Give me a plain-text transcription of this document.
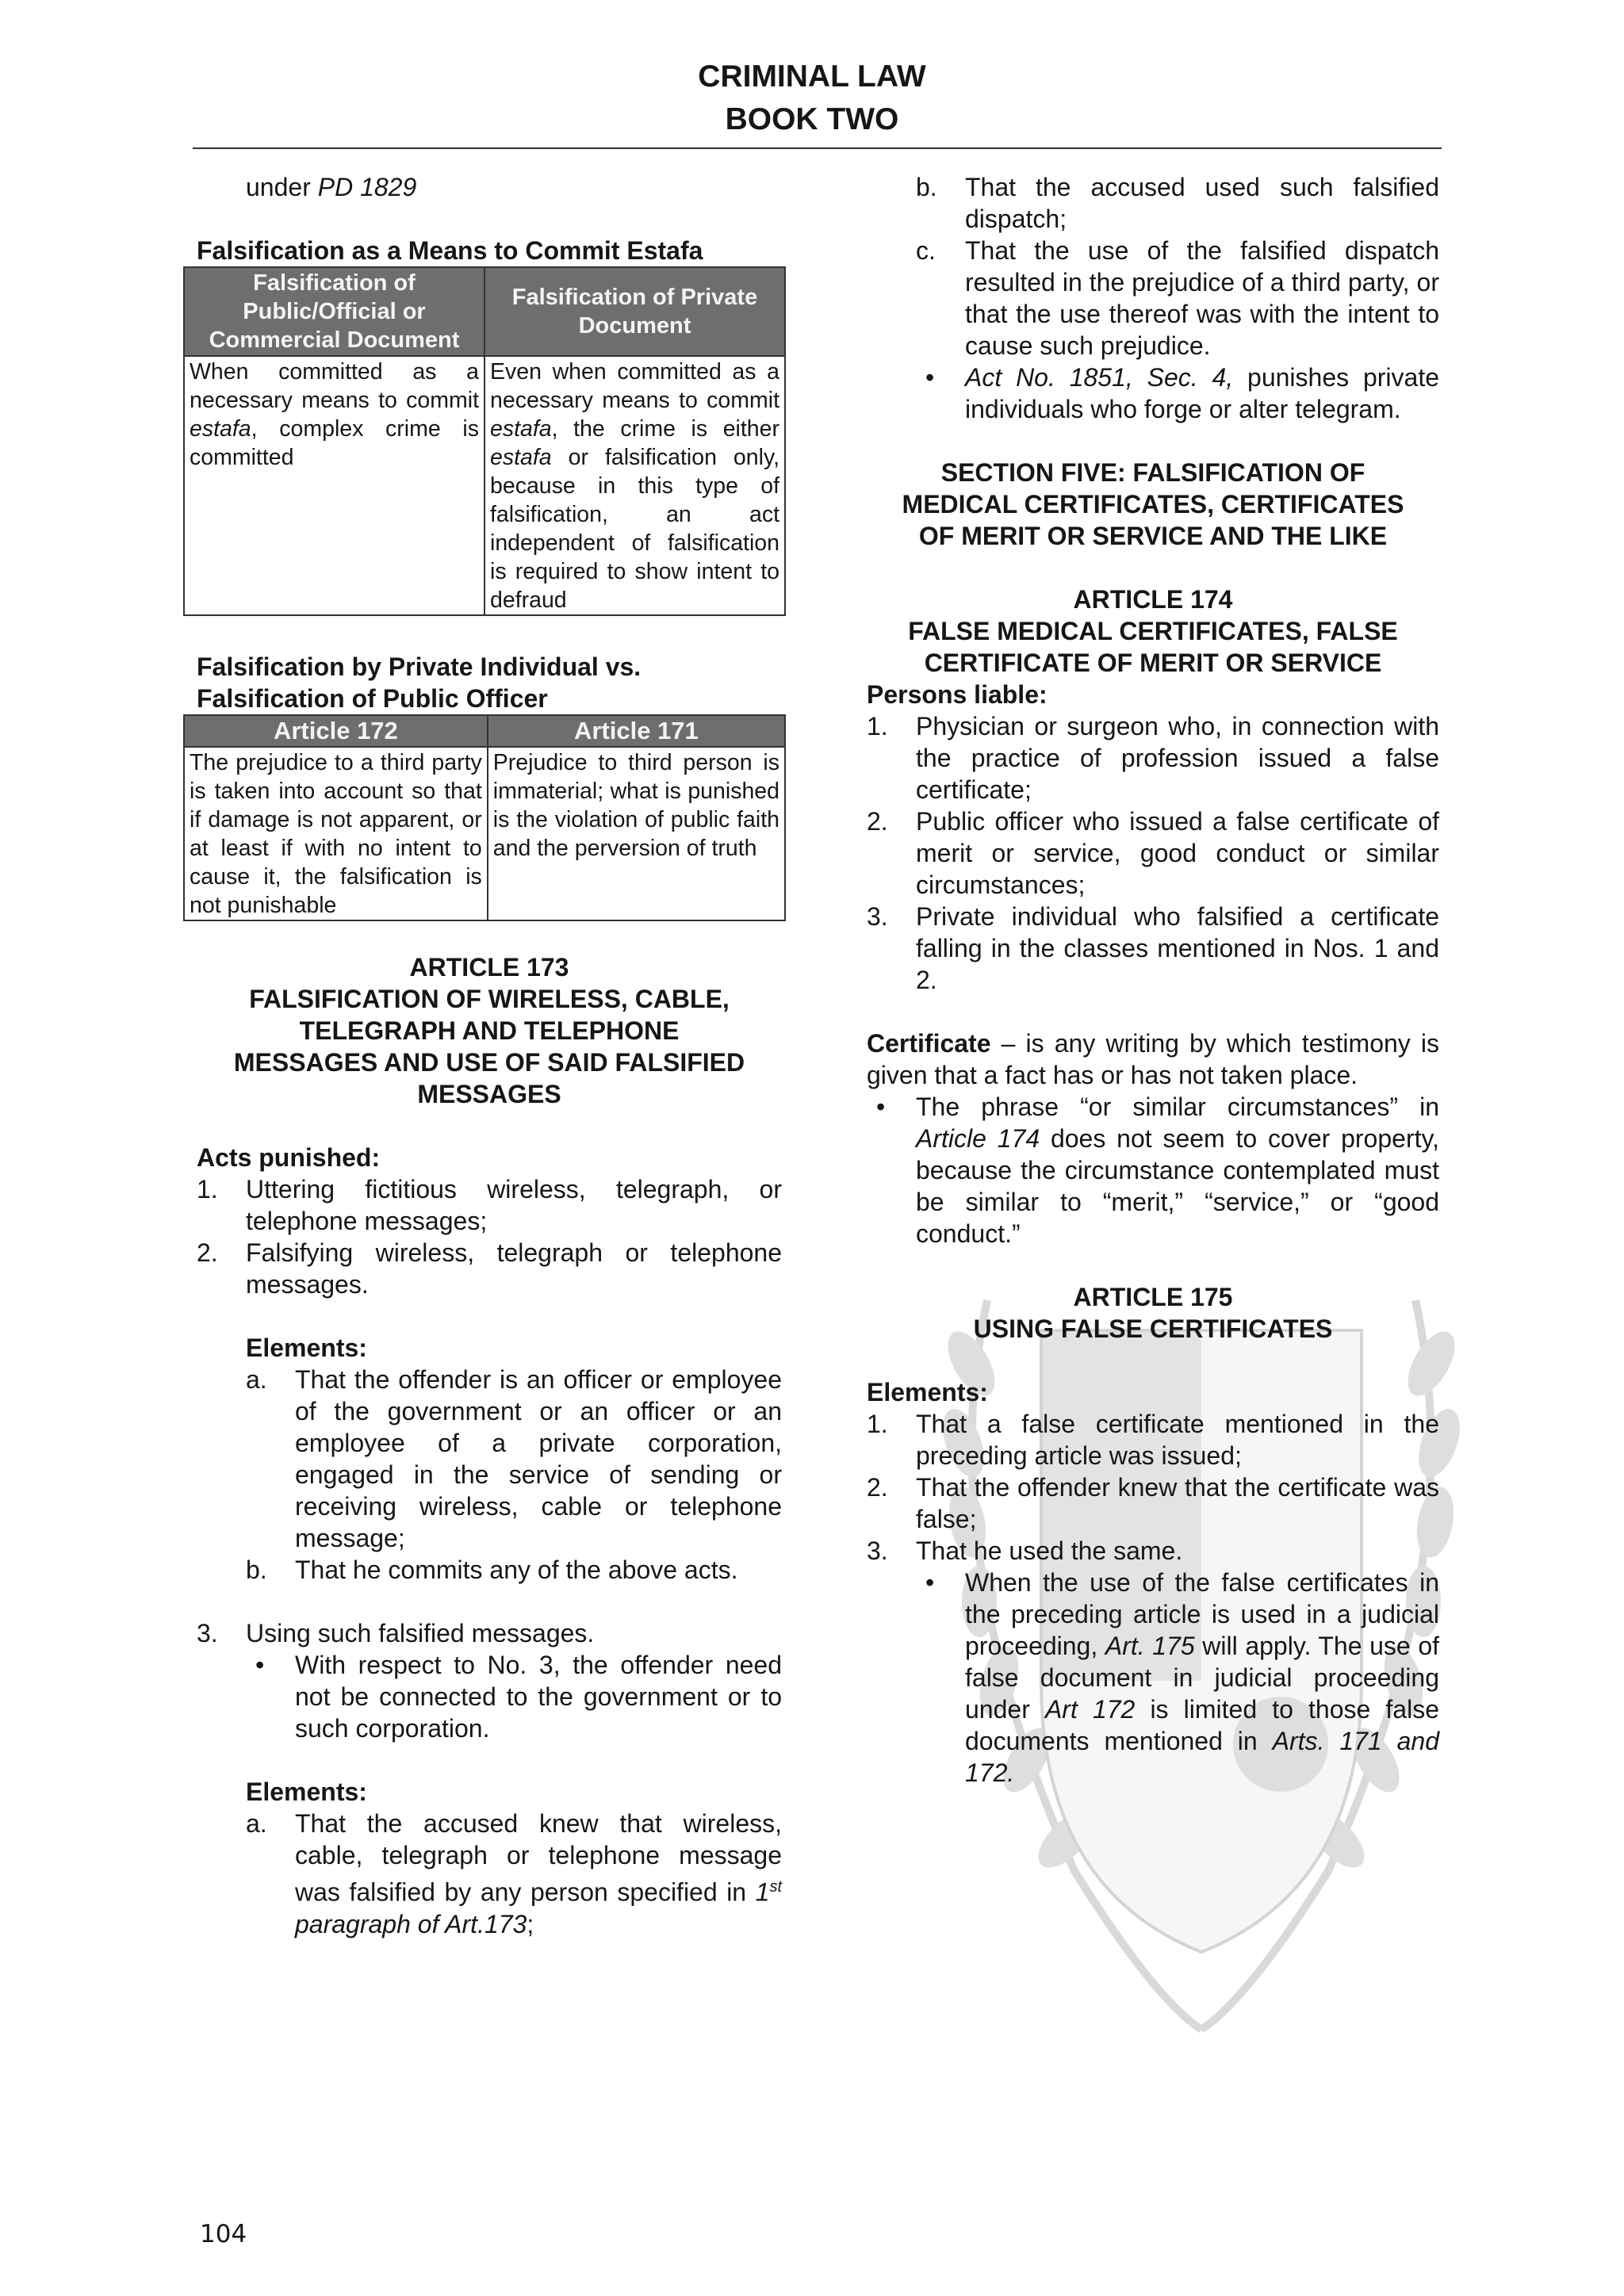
CRIMINAL LAW
BOOK TWO

under PD 1829

Falsification as a Means to Commit Estafa

Falsification of Public/Official or Commercial Document	Falsification of Private Document
When committed as a necessary means to commit estafa, complex crime is committed	Even when committed as a necessary means to commit estafa, the crime is either estafa or falsification only, because in this type of falsification, an act independent of falsification is required to show intent to defraud

Falsification by Private Individual vs.

Falsification of Public Officer

Article 172	Article 171
The prejudice to a third party is taken into account so that if damage is not apparent, or at least if with no intent to cause it, the falsification is not punishable	Prejudice to third person is immaterial; what is punished is the violation of public faith and the perversion of truth

ARTICLE 173

FALSIFICATION OF WIRELESS, CABLE,

TELEGRAPH AND TELEPHONE

MESSAGES AND USE OF SAID FALSIFIED

MESSAGES

Acts punished:

1. Uttering fictitious wireless, telegraph, or telephone messages;
2. Falsifying wireless, telegraph or telephone messages.

Elements:

a. That the offender is an officer or employee of the government or an officer or an employee of a private corporation, engaged in the service of sending or receiving wireless, cable or telephone message;
b. That he commits any of the above acts.
3. Using such falsified messages.

• With respect to No. 3, the offender need not be connected to the government or to such corporation.

Elements:

a. That the accused knew that wireless, cable, telegraph or telephone message was falsified by any person specified in 1st paragraph of Art.173;
b. That the accused used such falsified dispatch;
c. That the use of the falsified dispatch resulted in the prejudice of a third party, or that the use thereof was with the intent to cause such prejudice.

• Act No. 1851, Sec. 4, punishes private individuals who forge or alter telegram.

SECTION FIVE: FALSIFICATION OF

MEDICAL CERTIFICATES, CERTIFICATES

OF MERIT OR SERVICE AND THE LIKE

ARTICLE 174

FALSE MEDICAL CERTIFICATES, FALSE

CERTIFICATE OF MERIT OR SERVICE

Persons liable:

1. Physician or surgeon who, in connection with the practice of profession issued a false certificate;
2. Public officer who issued a false certificate of merit or service, good conduct or similar circumstances;
3. Private individual who falsified a certificate falling in the classes mentioned in Nos. 1 and 2.

Certificate – is any writing by which testimony is given that a fact has or has not taken place.

• The phrase “or similar circumstances” in Article 174 does not seem to cover property, because the circumstance contemplated must be similar to “merit,” “service,” or “good conduct.”

ARTICLE 175

USING FALSE CERTIFICATES

Elements:

1. That a false certificate mentioned in the preceding article was issued;
2. That the offender knew that the certificate was false;
3. That he used the same.

• When the use of the false certificates in the preceding article is used in a judicial proceeding, Art. 175 will apply. The use of false document in judicial proceeding under Art 172 is limited to those false documents mentioned in Arts. 171 and 172.

104
